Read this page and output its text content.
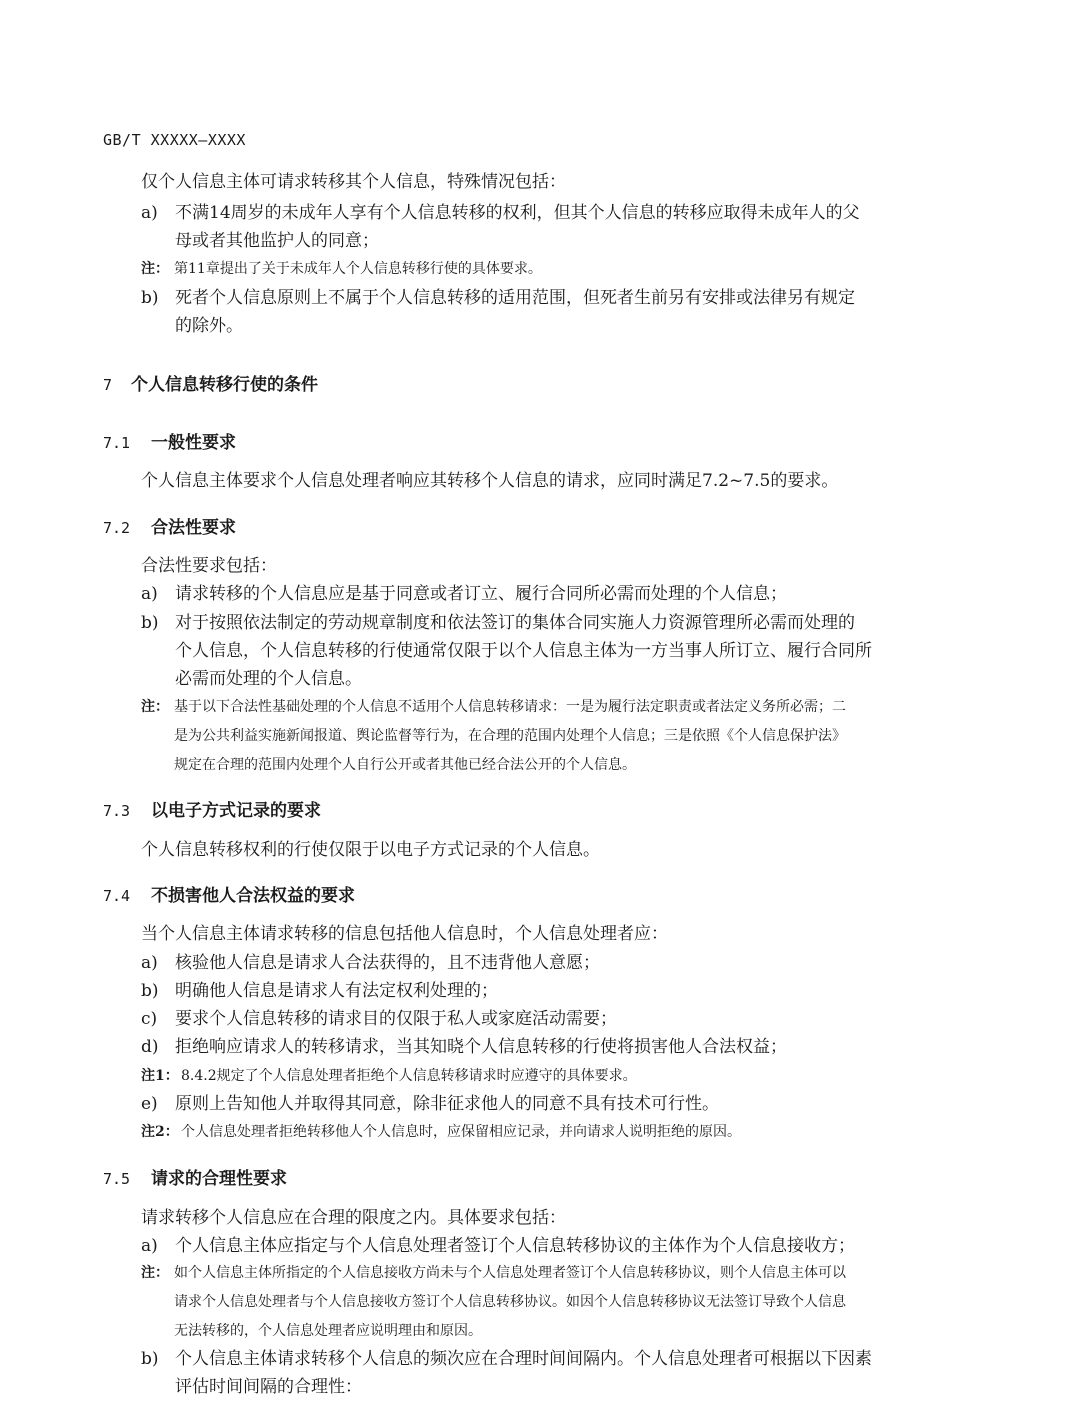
GB/T XXXXX—XXXX
仅个人信息主体可请求转移其个人信息，特殊情况包括：
a) 不满14周岁的未成年人享有个人信息转移的权利，但其个人信息的转移应取得未成年人的父
母或者其他监护人的同意；
注： 第11章提出了关于未成年人个人信息转移行使的具体要求。
b) 死者个人信息原则上不属于个人信息转移的适用范围，但死者生前另有安排或法律另有规定
的除外。
7 个人信息转移行使的条件
7.1 一般性要求
个人信息主体要求个人信息处理者响应其转移个人信息的请求，应同时满足7.2~7.5的要求。
7.2 合法性要求
合法性要求包括：
a) 请求转移的个人信息应是基于同意或者订立、履行合同所必需而处理的个人信息；
b) 对于按照依法制定的劳动规章制度和依法签订的集体合同实施人力资源管理所必需而处理的
个人信息，个人信息转移的行使通常仅限于以个人信息主体为一方当事人所订立、履行合同所
必需而处理的个人信息。
注： 基于以下合法性基础处理的个人信息不适用个人信息转移请求：一是为履行法定职责或者法定义务所必需；二
是为公共利益实施新闻报道、舆论监督等行为，在合理的范围内处理个人信息；三是依照《个人信息保护法》
规定在合理的范围内处理个人自行公开或者其他已经合法公开的个人信息。
7.3 以电子方式记录的要求
个人信息转移权利的行使仅限于以电子方式记录的个人信息。
7.4 不损害他人合法权益的要求
当个人信息主体请求转移的信息包括他人信息时，个人信息处理者应：
a) 核验他人信息是请求人合法获得的，且不违背他人意愿；
b) 明确他人信息是请求人有法定权利处理的；
c) 要求个人信息转移的请求目的仅限于私人或家庭活动需要；
d) 拒绝响应请求人的转移请求，当其知晓个人信息转移的行使将损害他人合法权益；
注1： 8.4.2规定了个人信息处理者拒绝个人信息转移请求时应遵守的具体要求。
e) 原则上告知他人并取得其同意，除非征求他人的同意不具有技术可行性。
注2： 个人信息处理者拒绝转移他人个人信息时，应保留相应记录，并向请求人说明拒绝的原因。
7.5 请求的合理性要求
请求转移个人信息应在合理的限度之内。具体要求包括：
a) 个人信息主体应指定与个人信息处理者签订个人信息转移协议的主体作为个人信息接收方；
注： 如个人信息主体所指定的个人信息接收方尚未与个人信息处理者签订个人信息转移协议，则个人信息主体可以
请求个人信息处理者与个人信息接收方签订个人信息转移协议。如因个人信息转移协议无法签订导致个人信息
无法转移的，个人信息处理者应说明理由和原因。
b) 个人信息主体请求转移个人信息的频次应在合理时间间隔内。个人信息处理者可根据以下因素
评估时间间隔的合理性：
